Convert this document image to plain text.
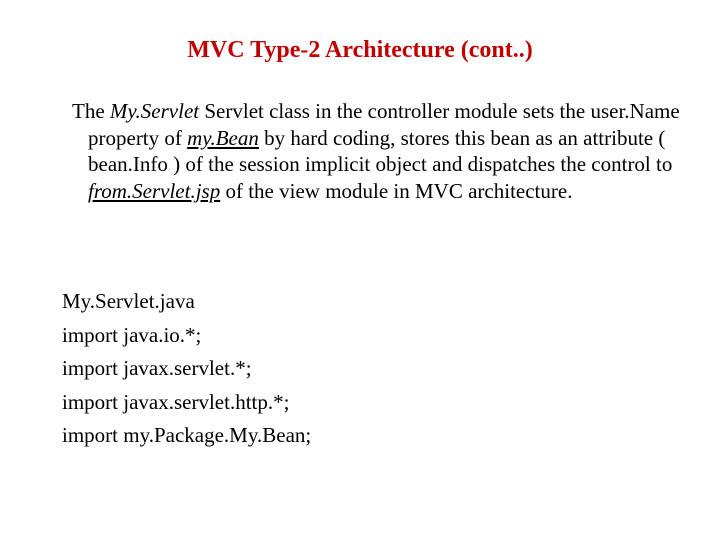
MVC Type-2 Architecture (cont..)

The My.Servlet Servlet class in the controller module sets the user.Name property of my.Bean by hard coding, stores this bean as an attribute ( bean.Info ) of the session implicit object and dispatches the control to from.Servlet.jsp of the view module in MVC architecture.

My.Servlet.java
import java.io.*;
import javax.servlet.*;
import javax.servlet.http.*;
import my.Package.My.Bean;
